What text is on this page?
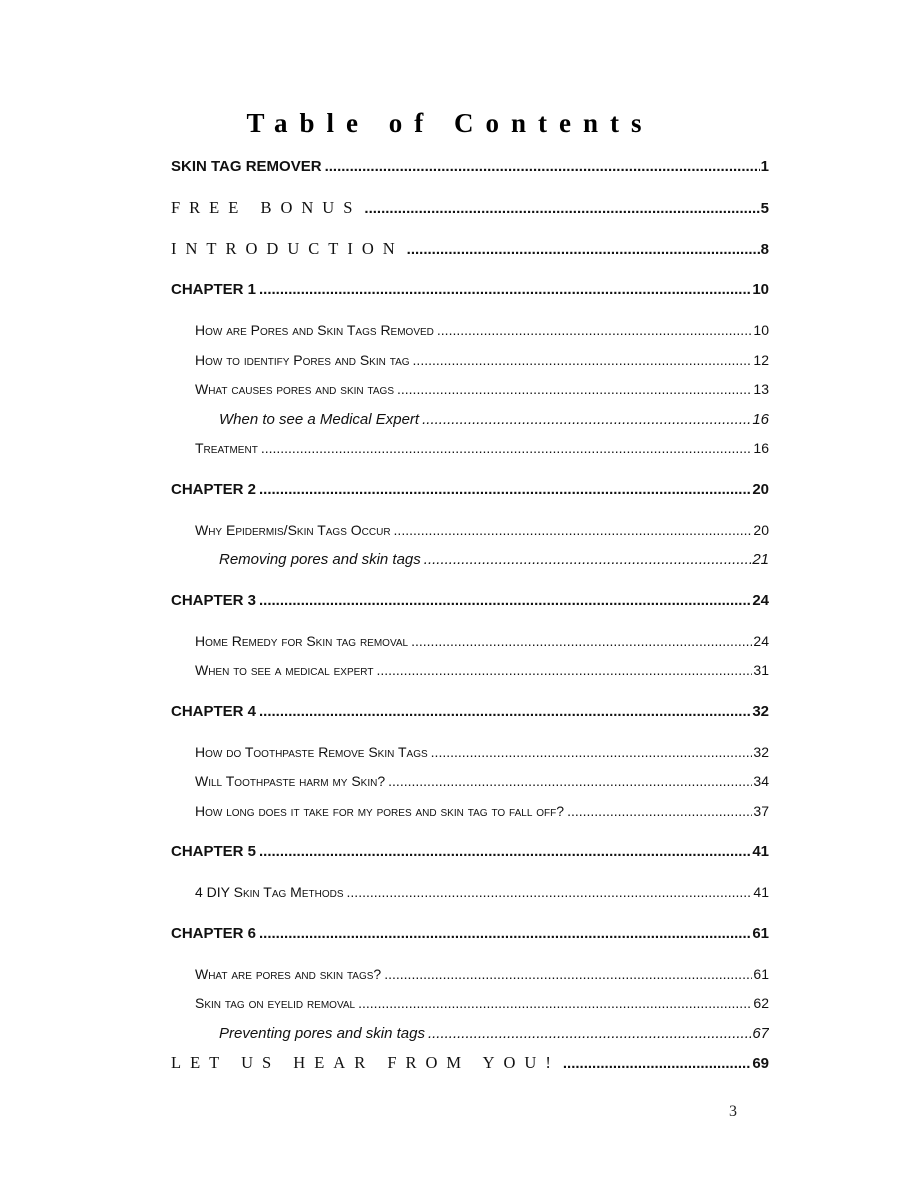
Table of Contents
SKIN TAG REMOVER .....	1
FREE BONUS .....	5
INTRODUCTION .....	8
CHAPTER 1 .....	10
How are Pores and Skin Tags Removed .....	10
How to identify Pores and Skin tag .....	12
What causes pores and skin tags .....	13
When to see a Medical Expert .....	16
Treatment .....	16
CHAPTER 2 .....	20
Why Epidermis/Skin Tags Occur .....	20
Removing pores and skin tags .....	21
CHAPTER 3 .....	24
Home Remedy for Skin tag removal .....	24
When to see a medical expert .....	31
CHAPTER 4 .....	32
How do Toothpaste Remove Skin Tags .....	32
Will Toothpaste harm my Skin? .....	34
How long does it take for my pores and skin tag to fall off? .....	37
CHAPTER 5 .....	41
4 DIY Skin Tag Methods .....	41
CHAPTER 6 .....	61
What are pores and skin tags? .....	61
Skin tag on eyelid removal .....	62
Preventing pores and skin tags .....	67
LET US HEAR FROM YOU! .....	69
3
